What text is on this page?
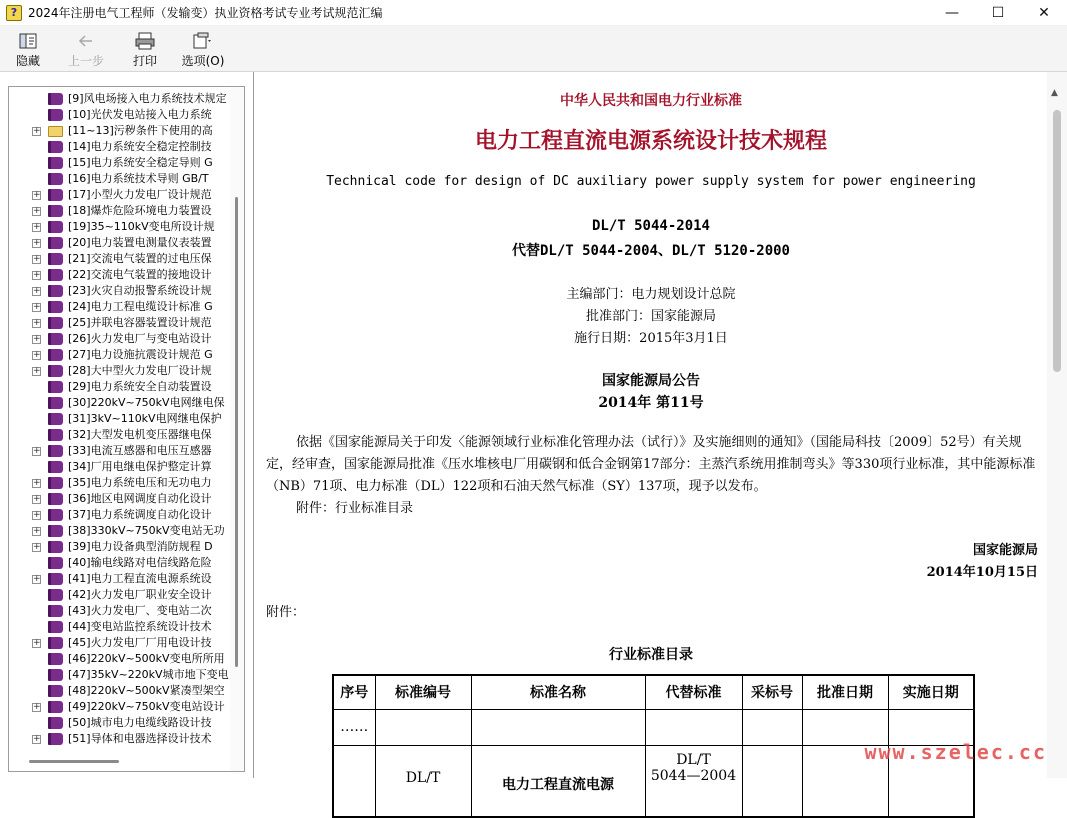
? 2024年注册电气工程师（发输变）执业资格考试专业考试规范汇编	— ☐ ✕
隐藏	上一步	打印	选项(O)
[9]风电场接入电力系统技术规定
[10]光伏发电站接入电力系统
+ [11~13]污秽条件下使用的高
[14]电力系统安全稳定控制技
[15]电力系统安全稳定导则 G
[16]电力系统技术导则 GB/T
+ [17]小型火力发电厂设计规范
+ [18]爆炸危险环境电力装置设
+ [19]35~110kV变电所设计规
+ [20]电力装置电测量仪表装置
+ [21]交流电气装置的过电压保
+ [22]交流电气装置的接地设计
+ [23]火灾自动报警系统设计规
+ [24]电力工程电缆设计标准 G
+ [25]并联电容器装置设计规范
+ [26]火力发电厂与变电站设计
+ [27]电力设施抗震设计规范 G
+ [28]大中型火力发电厂设计规
[29]电力系统安全自动装置设
[30]220kV~750kV电网继电保
[31]3kV~110kV电网继电保护
[32]大型发电机变压器继电保
+ [33]电流互感器和电压互感器
[34]厂用电继电保护整定计算
+ [35]电力系统电压和无功电力
+ [36]地区电网调度自动化设计
+ [37]电力系统调度自动化设计
+ [38]330kV~750kV变电站无功
+ [39]电力设备典型消防规程 D
[40]输电线路对电信线路危险
+ [41]电力工程直流电源系统设
[42]火力发电厂职业安全设计
[43]火力发电厂、变电站二次
[44]变电站监控系统设计技术
+ [45]火力发电厂厂用电设计技
[46]220kV~500kV变电所所用
[47]35kV~220kV城市地下变电
[48]220kV~500kV紧凑型架空
+ [49]220kV~750kV变电站设计
[50]城市电力电缆线路设计技
+ [51]导体和电器选择设计技术
中华人民共和国电力行业标准
电力工程直流电源系统设计技术规程
Technical code for design of DC auxiliary power supply system for power engineering
DL/T 5044-2014
代替DL/T 5044-2004、DL/T 5120-2000
主编部门：电力规划设计总院
批准部门：国家能源局
施行日期：2015年3月1日
国家能源局公告
2014年 第11号
依据《国家能源局关于印发〈能源领域行业标准化管理办法（试行）》及实施细则的通知》（国能局科技〔2009〕52号）有关规定，经审查，国家能源局批准《压水堆核电厂用碳钢和低合金钢第17部分：主蒸汽系统用推制弯头》等330项行业标准，其中能源标准（NB）71项、电力标准（DL）122项和石油天然气标准（SY）137项，现予以发布。
附件：行业标准目录
国家能源局
2014年10月15日
附件：
行业标准目录
序号	标准编号	标准名称	代替标准	采标号	批准日期	实施日期
……						
	DL/T	电力工程直流电源	DL/T
5044—2004			

▲
www.szelec.cc
